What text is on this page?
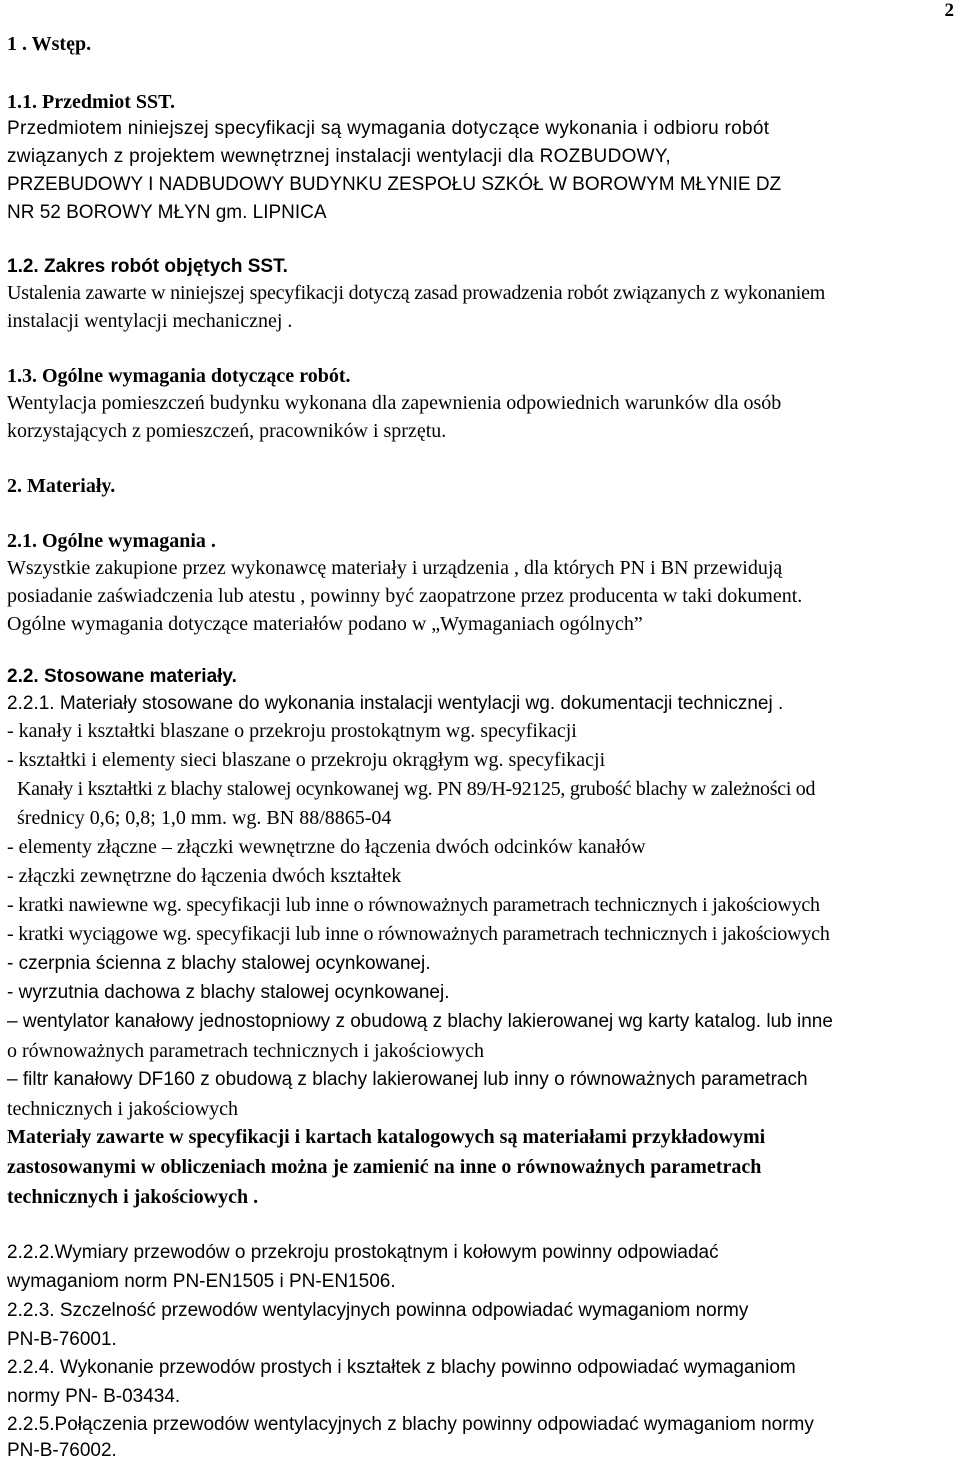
2
1 . Wstęp.
1.1. Przedmiot SST.
Przedmiotem niniejszej specyfikacji są wymagania dotyczące wykonania i odbioru robót
związanych z projektem wewnętrznej instalacji wentylacji dla ROZBUDOWY,
PRZEBUDOWY I NADBUDOWY BUDYNKU ZESPOŁU SZKÓŁ W BOROWYM MŁYNIE DZ
NR 52 BOROWY MŁYN gm. LIPNICA
1.2. Zakres robót objętych SST.
Ustalenia zawarte w niniejszej specyfikacji dotyczą zasad prowadzenia robót związanych z wykonaniem
instalacji wentylacji mechanicznej .
1.3. Ogólne wymagania dotyczące robót.
Wentylacja pomieszczeń budynku wykonana dla zapewnienia odpowiednich warunków dla osób
korzystających z pomieszczeń, pracowników i sprzętu.
2. Materiały.
2.1. Ogólne wymagania .
Wszystkie zakupione przez wykonawcę materiały i urządzenia , dla których PN i BN przewidują
posiadanie zaświadczenia lub atestu , powinny być zaopatrzone przez producenta w taki dokument.
Ogólne wymagania dotyczące materiałów podano w „Wymaganiach ogólnych”
2.2. Stosowane materiały.
2.2.1. Materiały stosowane do wykonania instalacji wentylacji wg. dokumentacji technicznej .
- kanały i kształtki blaszane o przekroju prostokątnym wg. specyfikacji
- kształtki i elementy sieci blaszane o przekroju okrągłym wg. specyfikacji
Kanały i kształtki z blachy stalowej ocynkowanej wg. PN 89/H-92125, grubość blachy w zależności od
średnicy 0,6; 0,8; 1,0 mm. wg. BN 88/8865-04
- elementy złączne – złączki wewnętrzne do łączenia dwóch odcinków kanałów
- złączki zewnętrzne do łączenia dwóch kształtek
- kratki nawiewne wg. specyfikacji lub inne o równoważnych parametrach technicznych i jakościowych
- kratki wyciągowe wg. specyfikacji lub inne o równoważnych parametrach technicznych i jakościowych
- czerpnia ścienna z blachy stalowej ocynkowanej.
- wyrzutnia dachowa z blachy stalowej ocynkowanej.
– wentylator kanałowy jednostopniowy z obudową z blachy lakierowanej wg karty katalog. lub inne
o równoważnych parametrach technicznych i jakościowych
– filtr kanałowy DF160 z obudową z blachy lakierowanej lub inny o równoważnych parametrach
technicznych i jakościowych
Materiały zawarte w specyfikacji i kartach katalogowych są materiałami przykładowymi
zastosowanymi w obliczeniach można je zamienić na inne o równoważnych parametrach
technicznych i jakościowych .
2.2.2.Wymiary przewodów o przekroju prostokątnym i kołowym powinny odpowiadać
wymaganiom norm PN-EN1505 i PN-EN1506.
2.2.3. Szczelność przewodów wentylacyjnych powinna odpowiadać wymaganiom normy
PN-B-76001.
2.2.4. Wykonanie przewodów prostych i kształtek z blachy powinno odpowiadać wymaganiom
normy PN- B-03434.
2.2.5.Połączenia przewodów wentylacyjnych z blachy powinny odpowiadać wymaganiom normy
PN-B-76002.
